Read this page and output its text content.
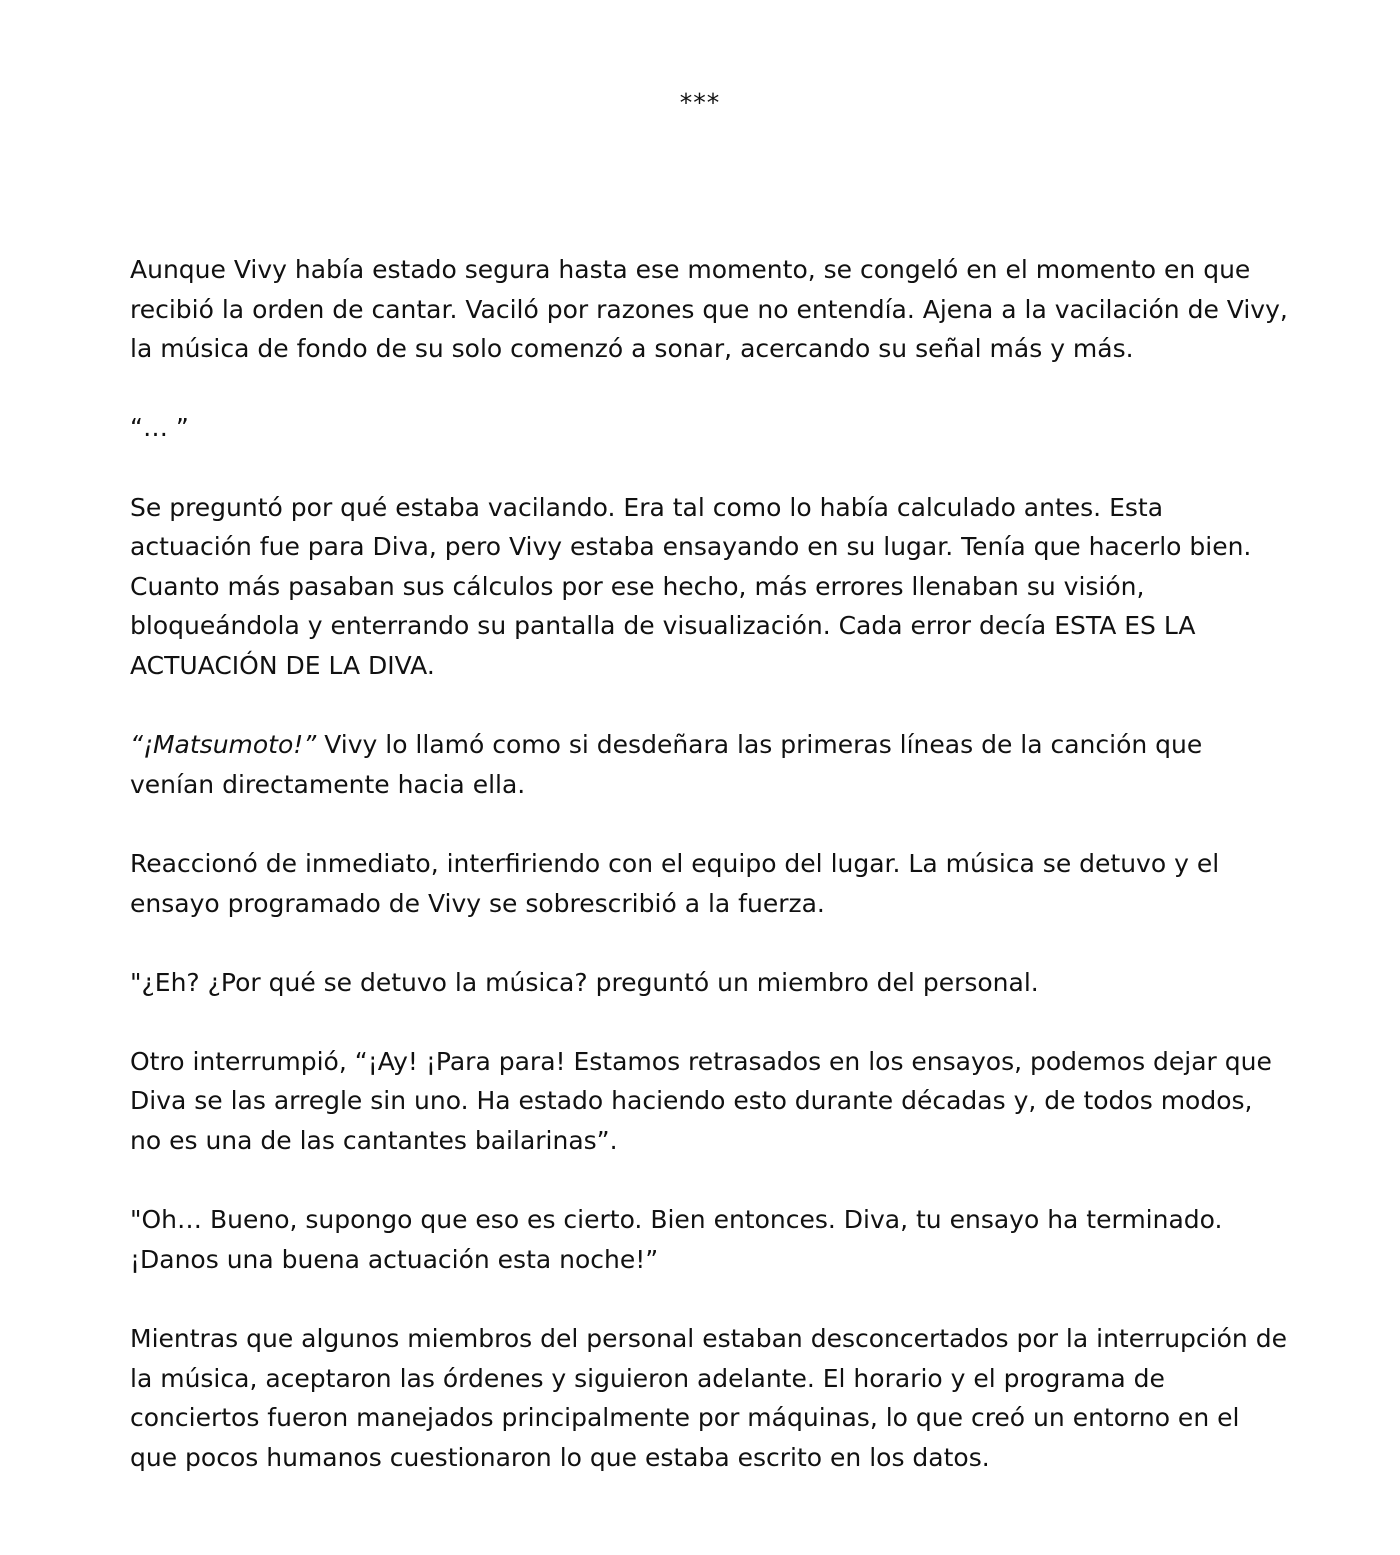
***

Aunque Vivy había estado segura hasta ese momento, se congeló en el momento en que recibió la orden de cantar. Vaciló por razones que no entendía. Ajena a la vacilación de Vivy, la música de fondo de su solo comenzó a sonar, acercando su señal más y más.

“… ”

Se preguntó por qué estaba vacilando. Era tal como lo había calculado antes. Esta actuación fue para Diva, pero Vivy estaba ensayando en su lugar. Tenía que hacerlo bien. Cuanto más pasaban sus cálculos por ese hecho, más errores llenaban su visión, bloqueándola y enterrando su pantalla de visualización. Cada error decía ESTA ES LA ACTUACIÓN DE LA DIVA.

“¡Matsumoto!” Vivy lo llamó como si desdeñara las primeras líneas de la canción que venían directamente hacia ella.

Reaccionó de inmediato, interfiriendo con el equipo del lugar. La música se detuvo y el ensayo programado de Vivy se sobrescribió a la fuerza.

"¿Eh? ¿Por qué se detuvo la música? preguntó un miembro del personal.

Otro interrumpió, “¡Ay! ¡Para para! Estamos retrasados en los ensayos, podemos dejar que Diva se las arregle sin uno. Ha estado haciendo esto durante décadas y, de todos modos, no es una de las cantantes bailarinas”.

"Oh… Bueno, supongo que eso es cierto. Bien entonces. Diva, tu ensayo ha terminado. ¡Danos una buena actuación esta noche!”

Mientras que algunos miembros del personal estaban desconcertados por la interrupción de la música, aceptaron las órdenes y siguieron adelante. El horario y el programa de conciertos fueron manejados principalmente por máquinas, lo que creó un entorno en el que pocos humanos cuestionaron lo que estaba escrito en los datos.
